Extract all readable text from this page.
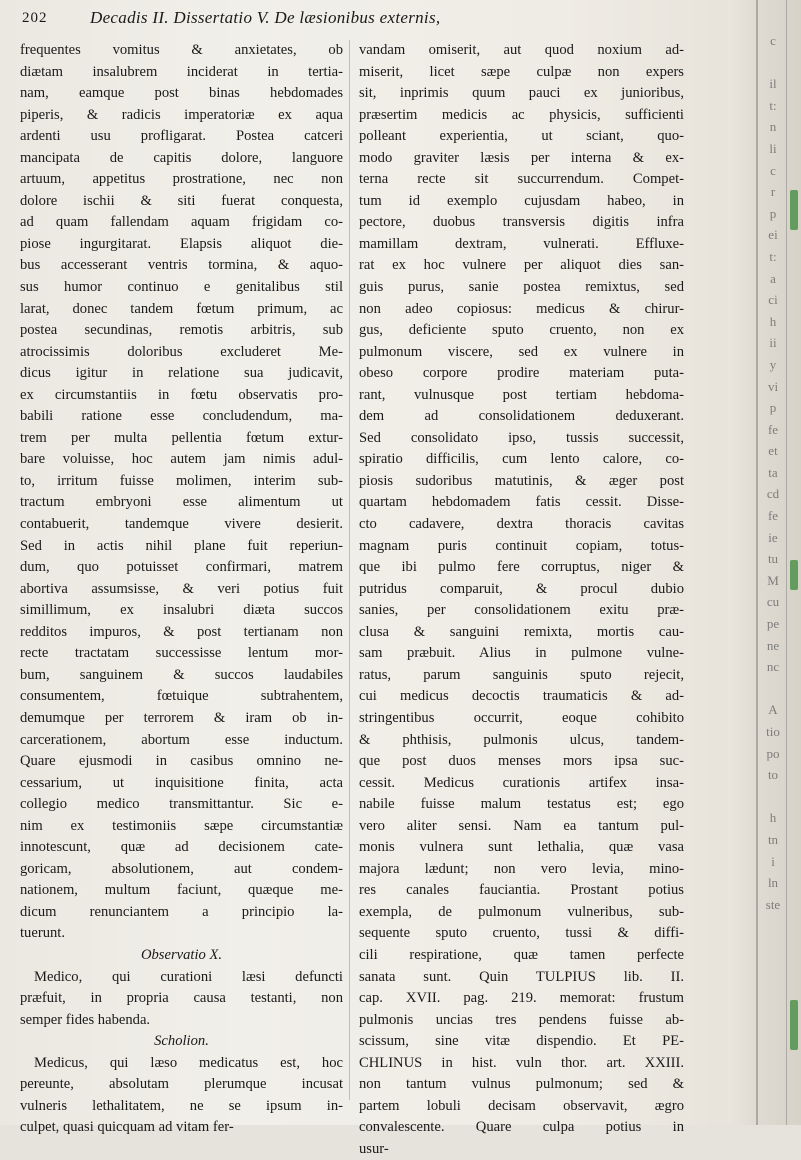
202	Decadis II. Dissertatio V. De læsionibus externis,
frequentes vomitus & anxietates, ob
diætam insalubrem inciderat in tertia-
nam, eamque post binas hebdomades
piperis, & radicis imperatoriæ ex aqua
ardenti usu profligarat. Postea catceri
mancipata de capitis dolore, languore
artuum, appetitus prostratione, nec non
dolore ischii & siti fuerat conquesta,
ad quam fallendam aquam frigidam co-
piose ingurgitarat. Elapsis aliquot die-
bus accesserant ventris tormina, & aquo-
sus humor continuo e genitalibus stil
larat, donec tandem fœtum primum, ac
postea secundinas, remotis arbitris, sub
atrocissimis doloribus excluderet Me-
dicus igitur in relatione sua judicavit,
ex circumstantiis in fœtu observatis pro-
babili ratione esse concludendum, ma-
trem per multa pellentia fœtum extur-
bare voluisse, hoc autem jam nimis adul-
to, irritum fuisse molimen, interim sub-
tractum embryoni esse alimentum ut
contabuerit, tandemque vivere desierit.
Sed in actis nihil plane fuit reperiun-
dum, quo potuisset confirmari, matrem
abortiva assumsisse, & veri potius fuit
simillimum, ex insalubri diæta succos
redditos impuros, & post tertianam non
recte tractatam successisse lentum mor-
bum, sanguinem & succos laudabiles
consumentem, fœtuique subtrahentem,
demumque per terrorem & iram ob in-
carcerationem, abortum esse inductum.
Quare ejusmodi in casibus omnino ne-
cessarium, ut inquisitione finita, acta
collegio medico transmittantur. Sic e-
nim ex testimoniis sæpe circumstantiæ
innotescunt, quæ ad decisionem cate-
goricam, absolutionem, aut condem-
nationem, multum faciunt, quæque me-
dicum renunciantem a principio la-
tuerunt.
Observatio X.
Medico, qui curationi læsi defuncti
præfuit, in propria causa testanti, non
semper fides habenda.
Scholion.
Medicus, qui læso medicatus est, hoc
pereunte, absolutam plerumque incusat
vulneris lethalitatem, ne se ipsum in-
culpet, quasi quicquam ad vitam fer-
vandam omiserit, aut quod noxium ad-
miserit, licet sæpe culpæ non expers
sit, inprimis quum pauci ex junioribus,
præsertim medicis ac physicis, sufficienti
polleant experientia, ut sciant, quo-
modo graviter læsis per interna & ex-
terna recte sit succurrendum. Compet-
tum id exemplo cujusdam habeo, in
pectore, duobus transversis digitis infra
mamillam dextram, vulnerati. Effluxe-
rat ex hoc vulnere per aliquot dies san-
guis purus, sanie postea remixtus, sed
non adeo copiosus: medicus & chirur-
gus, deficiente sputo cruento, non ex
pulmonum viscere, sed ex vulnere in
obeso corpore prodire materiam puta-
rant, vulnusque post tertiam hebdoma-
dem ad consolidationem deduxerant.
Sed consolidato ipso, tussis successit,
spiratio difficilis, cum lento calore, co-
piosis sudoribus matutinis, & æger post
quartam hebdomadem fatis cessit. Disse-
cto cadavere, dextra thoracis cavitas
magnam puris continuit copiam, totus-
que ibi pulmo fere corruptus, niger &
putridus comparuit, & procul dubio
sanies, per consolidationem exitu præ-
clusa & sanguini remixta, mortis cau-
sam præbuit. Alius in pulmone vulne-
ratus, parum sanguinis sputo rejecit,
cui medicus decoctis traumaticis & ad-
stringentibus occurrit, eoque cohibito
& phthisis, pulmonis ulcus, tandem-
que post duos menses mors ipsa suc-
cessit. Medicus curationis artifex insa-
nabile fuisse malum testatus est; ego
vero aliter sensi. Nam ea tantum pul-
monis vulnera sunt lethalia, quæ vasa
majora lædunt; non vero levia, mino-
res canales fauciantia. Prostant potius
exempla, de pulmonum vulneribus, sub-
sequente sputo cruento, tussi & diffi-
cili respiratione, quæ tamen perfecte
sanata sunt. Quin TULPIUS lib. II.
cap. XVII. pag. 219. memorat: frustum
pulmonis uncias tres pendens fuisse ab-
scissum, sine vitæ dispendio. Et PE-
CHLINUS in hist. vuln thor. art. XXIII.
non tantum vulnus pulmonum; sed &
partem lobuli decisam observavit, ægro
convalescente. Quare culpa potius in
usur-
c
il
t:
n
li
c
r
p
ei
t:
a
ci
h
ii
y
vi
p
fe
et
ta
cd
fe
ie
tu
M
cu
pe
ne
nc
A
tio
po
to
h
tn
i
ln
ste
